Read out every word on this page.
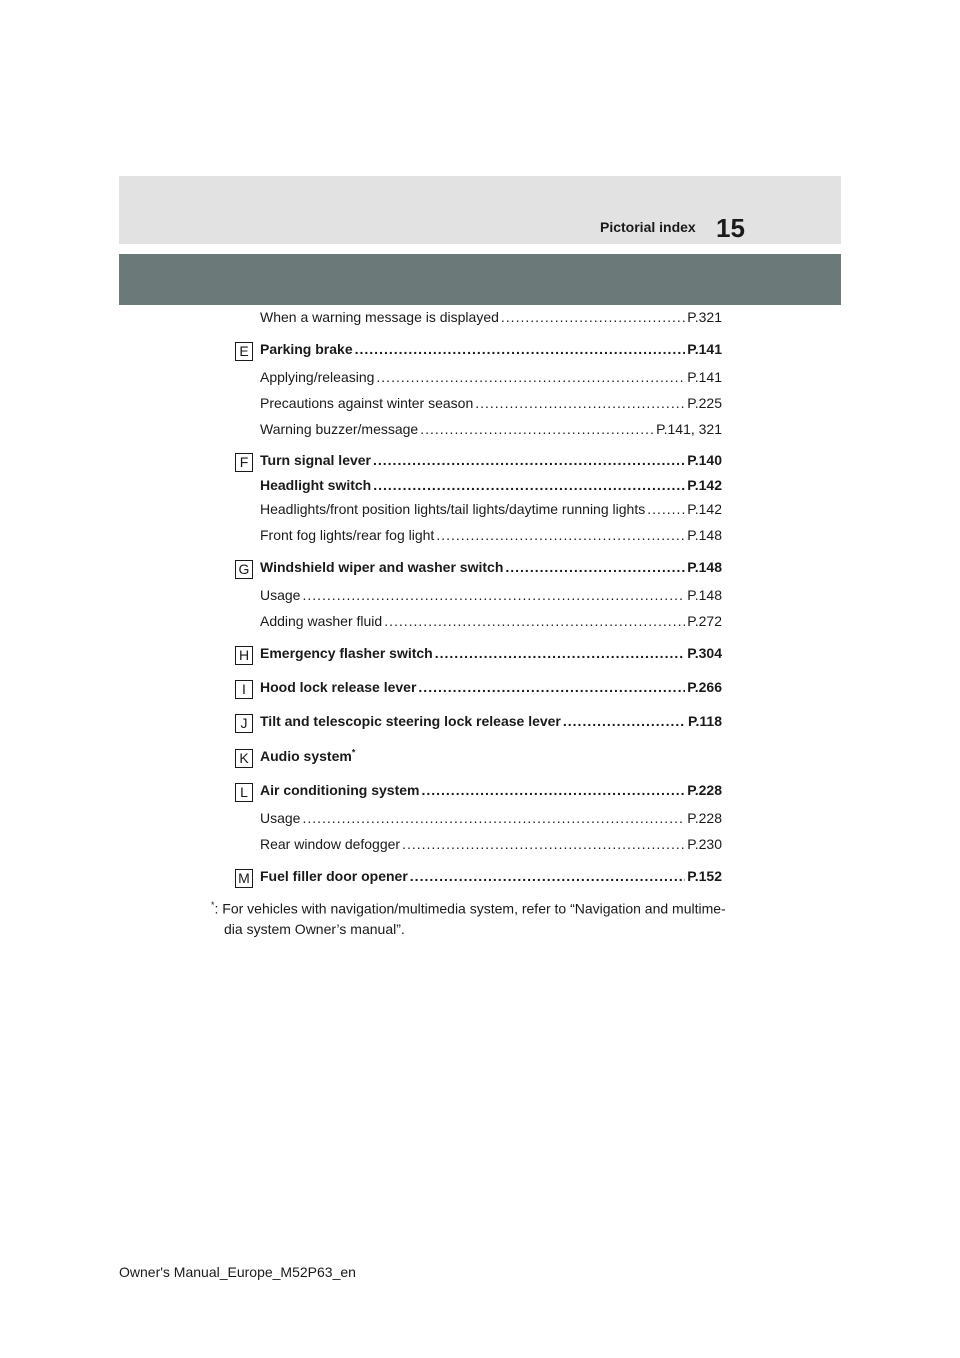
Pictorial index 15
When a warning message is displayed .....	P.321
E Parking brake .....	P.141
Applying/releasing .....	P.141
Precautions against winter season .....	P.225
Warning buzzer/message .....	P.141, 321
F Turn signal lever .....	P.140
Headlight switch .....	P.142
Headlights/front position lights/tail lights/daytime running lights .....	P.142
Front fog lights/rear fog light .....	P.148
G Windshield wiper and washer switch .....	P.148
Usage .....	P.148
Adding washer fluid .....	P.272
H Emergency flasher switch .....	P.304
I	Hood lock release lever .....	P.266
J Tilt and telescopic steering lock release lever .....	P.118
K Audio system*
L Air conditioning system .....	P.228
Usage .....	P.228
Rear window defogger .....	P.230
M Fuel filler door opener .....	P.152
*: For vehicles with navigation/multimedia system, refer to “Navigation and multime-
dia system Owner’s manual”.
Owner's Manual_Europe_M52P63_en
